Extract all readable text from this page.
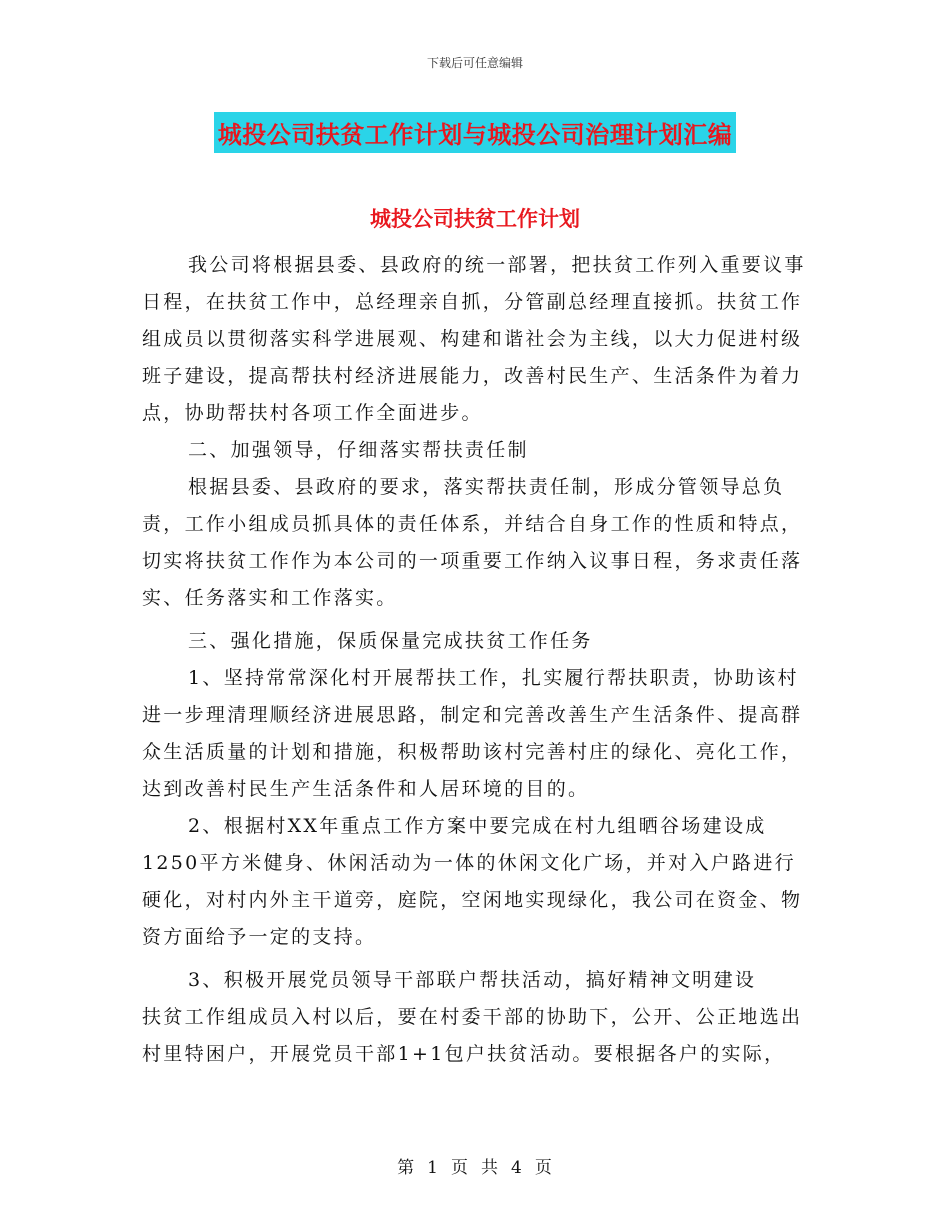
下载后可任意编辑
城投公司扶贫工作计划与城投公司治理计划汇编
城投公司扶贫工作计划

我公司将根据县委、县政府的统一部署，把扶贫工作列入重要议事日程，在扶贫工作中，总经理亲自抓，分管副总经理直接抓。扶贫工作组成员以贯彻落实科学进展观、构建和谐社会为主线，以大力促进村级班子建设，提高帮扶村经济进展能力，改善村民生产、生活条件为着力点，协助帮扶村各项工作全面进步。

二、加强领导，仔细落实帮扶责任制

根据县委、县政府的要求，落实帮扶责任制，形成分管领导总负责，工作小组成员抓具体的责任体系，并结合自身工作的性质和特点，切实将扶贫工作作为本公司的一项重要工作纳入议事日程，务求责任落实、任务落实和工作落实。

三、强化措施，保质保量完成扶贫工作任务

1、坚持常常深化村开展帮扶工作，扎实履行帮扶职责，协助该村进一步理清理顺经济进展思路，制定和完善改善生产生活条件、提高群众生活质量的计划和措施，积极帮助该村完善村庄的绿化、亮化工作，达到改善村民生产生活条件和人居环境的目的。

2、根据村XX年重点工作方案中要完成在村九组晒谷场建设成

1250平方米健身、休闲活动为一体的休闲文化广场，并对入户路进行硬化，对村内外主干道旁，庭院，空闲地实现绿化，我公司在资金、物资方面给予一定的支持。

3、积极开展党员领导干部联户帮扶活动，搞好精神文明建设

扶贫工作组成员入村以后，要在村委干部的协助下，公开、公正地选出村里特困户，开展党员干部1+1包户扶贫活动。要根据各户的实际，

第 1 页 共 4 页
